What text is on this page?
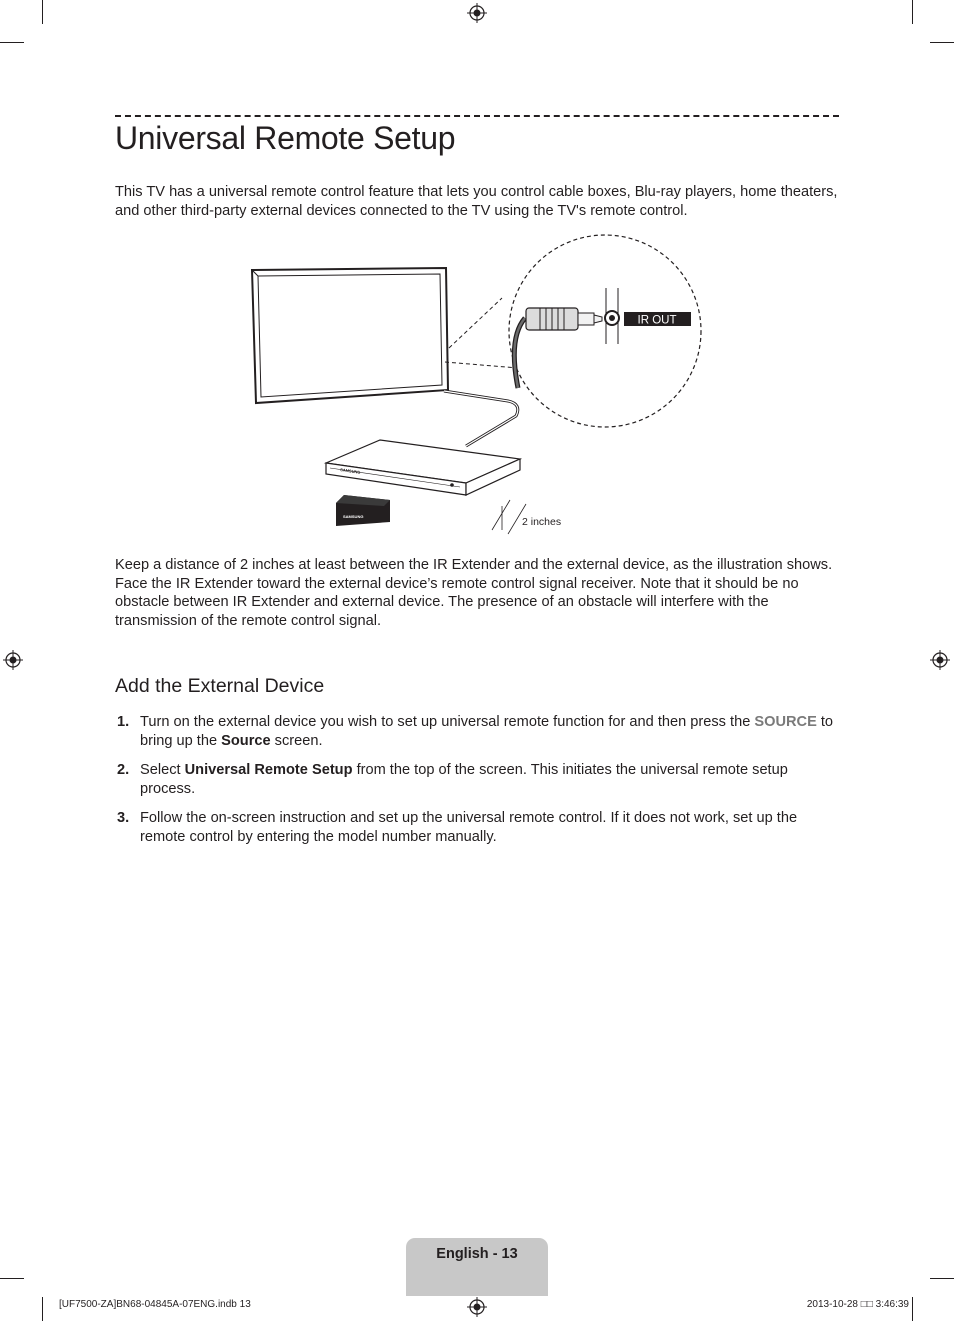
Universal Remote Setup

This TV has a universal remote control feature that lets you control cable boxes, Blu-ray players, home theaters, and other third-party external devices connected to the TV using the TV's remote control.

IR OUT
SAMSUNG
SAMSUNG	2 inches

Keep a distance of 2 inches at least between the IR Extender and the external device, as the illustration shows. Face the IR Extender toward the external device’s remote control signal receiver. Note that it should be no obstacle between IR Extender and external device. The presence of an obstacle will interfere with the transmission of the remote control signal.

Add the External Device
1. Turn on the external device you wish to set up universal remote function for and then press the SOURCE to bring up the Source screen.
2. Select Universal Remote Setup from the top of the screen. This initiates the universal remote setup process.
3. Follow the on-screen instruction and set up the universal remote control. If it does not work, set up the remote control by entering the model number manually.
English - 13
[UF7500-ZA]BN68-04845A-07ENG.indb 13	2013-10-28 □□ 3:46:39
